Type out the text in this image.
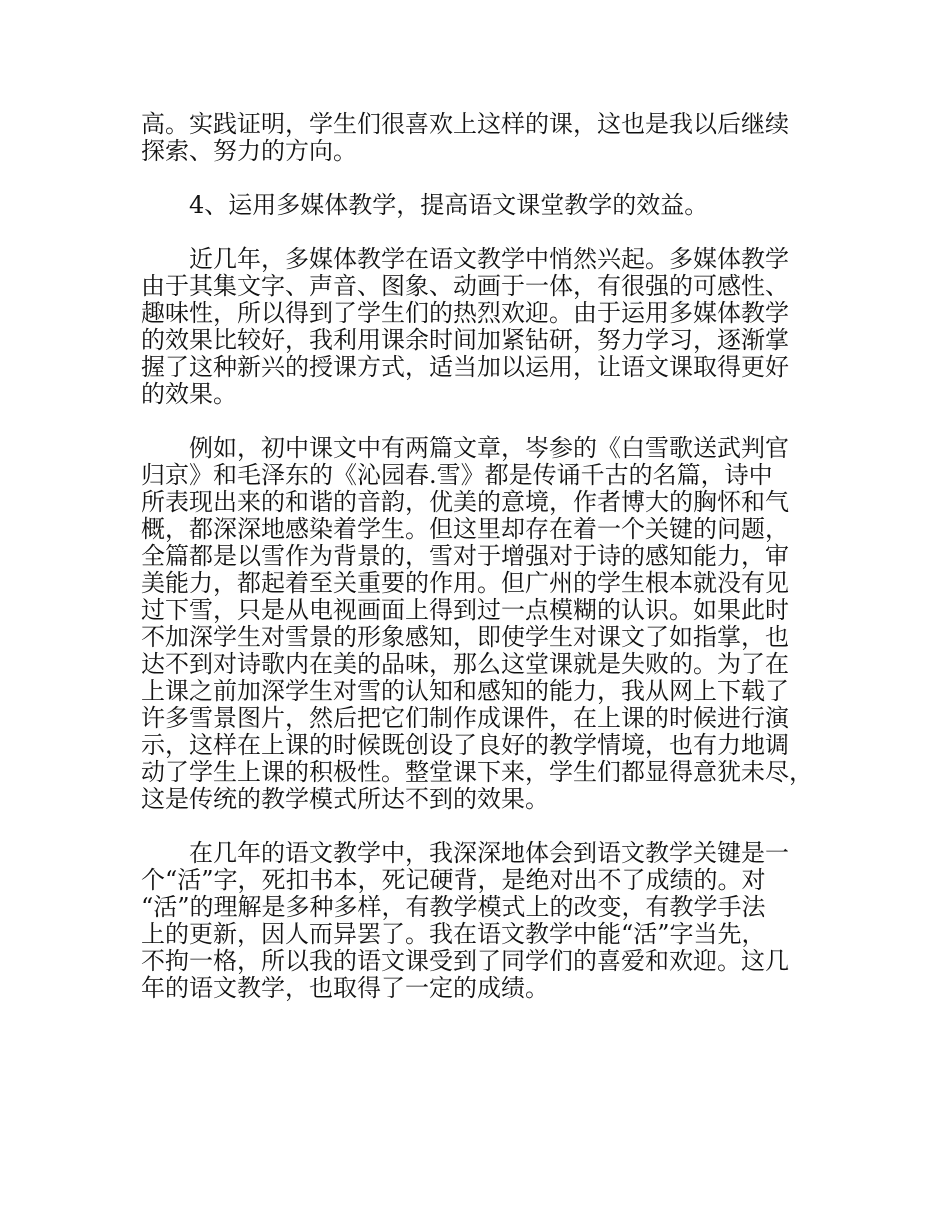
高。实践证明，学生们很喜欢上这样的课，这也是我以后继续
探索、努力的方向。
4、运用多媒体教学，提高语文课堂教学的效益。
近几年，多媒体教学在语文教学中悄然兴起。多媒体教学
由于其集文字、声音、图象、动画于一体，有很强的可感性、
趣味性，所以得到了学生们的热烈欢迎。由于运用多媒体教学
的效果比较好，我利用课余时间加紧钻研，努力学习，逐渐掌
握了这种新兴的授课方式，适当加以运用，让语文课取得更好
的效果。
例如，初中课文中有两篇文章，岑参的《白雪歌送武判官
归京》和毛泽东的《沁园春.雪》都是传诵千古的名篇，诗中
所表现出来的和谐的音韵，优美的意境，作者博大的胸怀和气
概，都深深地感染着学生。但这里却存在着一个关键的问题，
全篇都是以雪作为背景的，雪对于增强对于诗的感知能力，审
美能力，都起着至关重要的作用。但广州的学生根本就没有见
过下雪，只是从电视画面上得到过一点模糊的认识。如果此时
不加深学生对雪景的形象感知，即使学生对课文了如指掌，也
达不到对诗歌内在美的品味，那么这堂课就是失败的。为了在
上课之前加深学生对雪的认知和感知的能力，我从网上下载了
许多雪景图片，然后把它们制作成课件，在上课的时候进行演
示，这样在上课的时候既创设了良好的教学情境，也有力地调
动了学生上课的积极性。整堂课下来，学生们都显得意犹未尽，
这是传统的教学模式所达不到的效果。
在几年的语文教学中，我深深地体会到语文教学关键是一
个“活”字，死扣书本，死记硬背，是绝对出不了成绩的。对
“活”的理解是多种多样，有教学模式上的改变，有教学手法
上的更新，因人而异罢了。我在语文教学中能“活”字当先，
不拘一格，所以我的语文课受到了同学们的喜爱和欢迎。这几
年的语文教学，也取得了一定的成绩。
